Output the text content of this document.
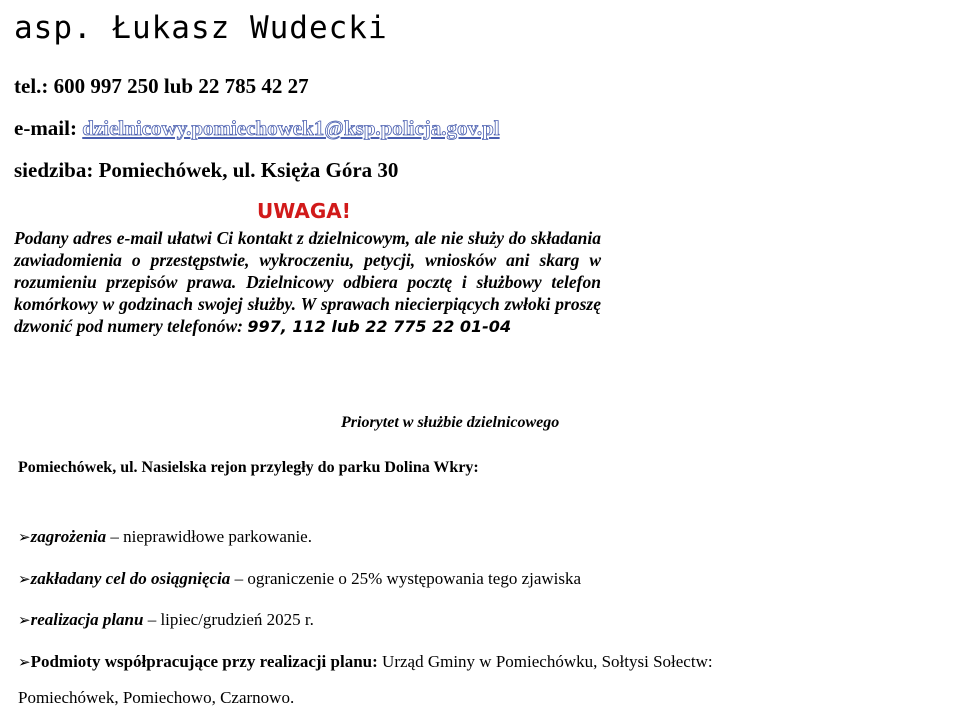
asp. Łukasz Wudecki
tel.: 600 997 250 lub 22 785 42 27
e-mail: dzielnicowy.pomiechowek1@ksp.policja.gov.pl
siedziba: Pomiechówek, ul. Księża Góra 30
UWAGA!
Podany adres e-mail ułatwi Ci kontakt z dzielnicowym, ale nie służy do składania zawiadomienia o przestępstwie, wykroczeniu, petycji, wniosków ani skarg w rozumieniu przepisów prawa. Dzielnicowy odbiera pocztę i służbowy telefon komórkowy w godzinach swojej służby. W sprawach niecierpiących zwłoki proszę dzwonić pod numery telefonów: 997, 112 lub 22 775 22 01-04
Priorytet w służbie dzielnicowego
Pomiechówek, ul. Nasielska rejon przyległy do parku Dolina Wkry:
➢zagrożenia – nieprawidłowe parkowanie.
➢zakładany cel do osiągnięcia – ograniczenie o 25% występowania tego zjawiska
➢realizacja planu – lipiec/grudzień 2025 r.
➢Podmioty współpracujące przy realizacji planu: Urząd Gminy w Pomiechówku, Sołtysi Sołectw:
Pomiechówek, Pomiechowo, Czarnowo.
